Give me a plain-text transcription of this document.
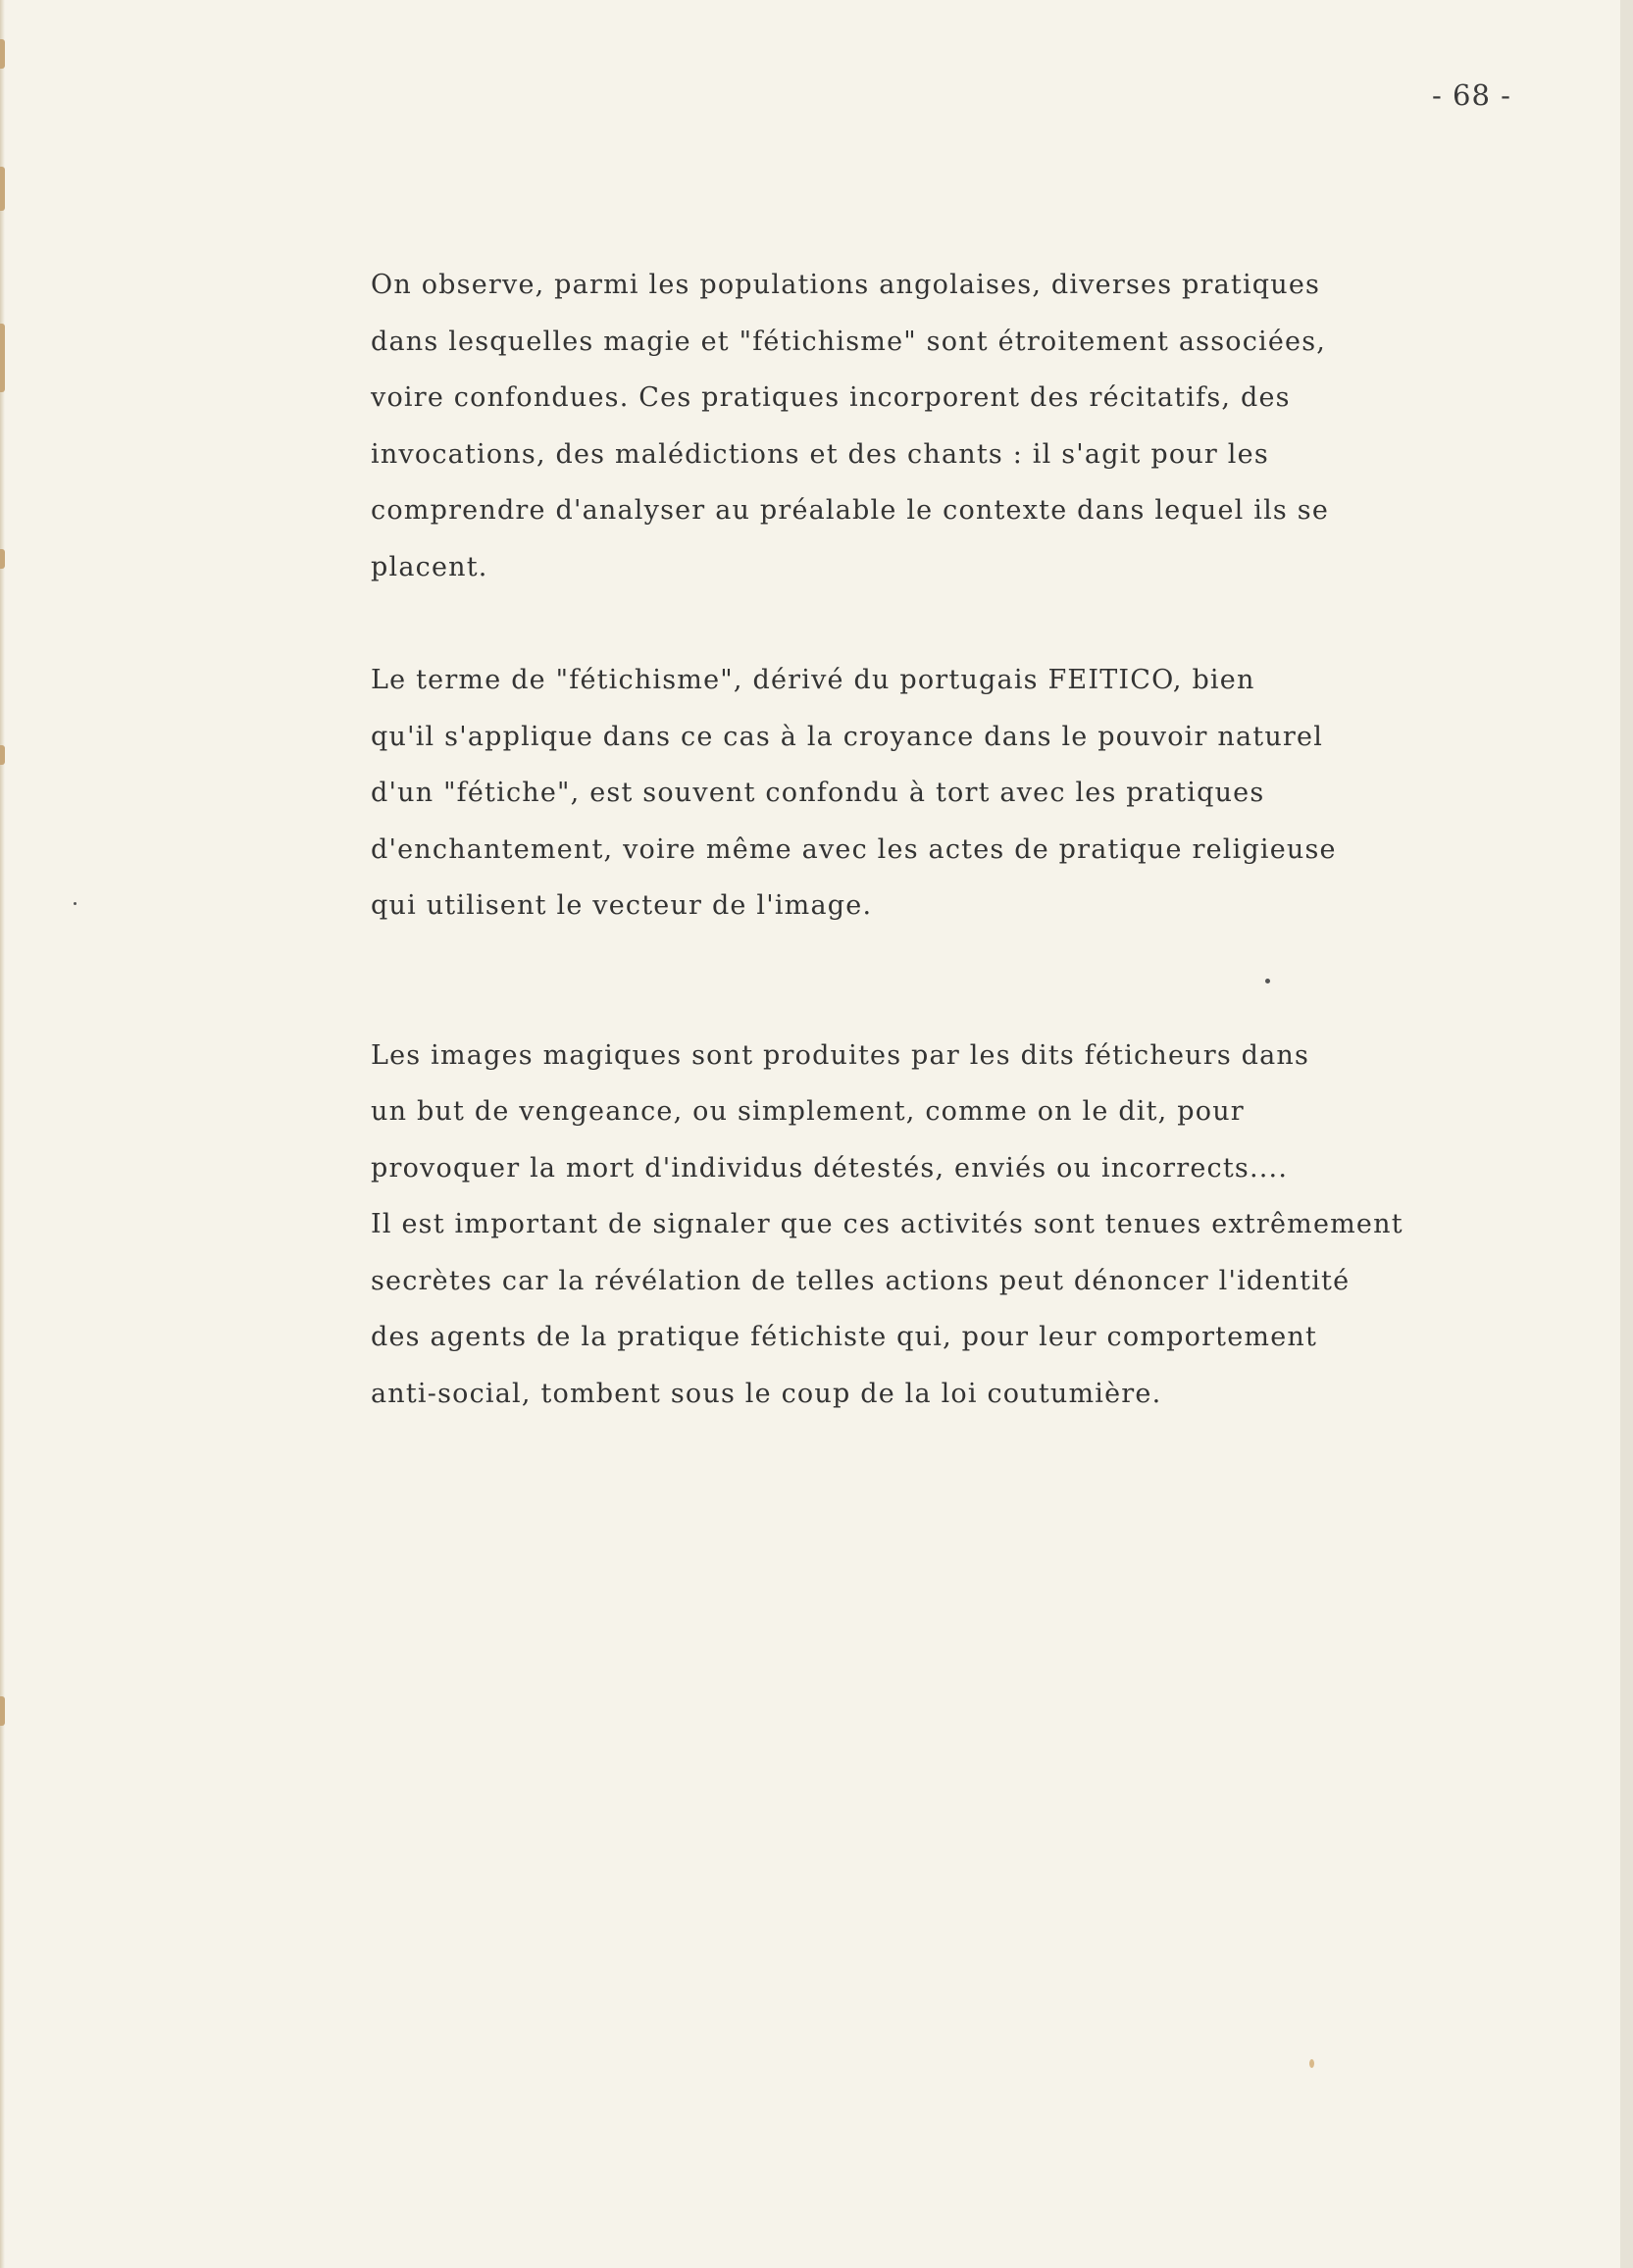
- 68 -
On observe, parmi les populations angolaises, diverses pratiques
dans lesquelles magie et "fétichisme" sont étroitement associées,
voire confondues. Ces pratiques incorporent des récitatifs, des
invocations, des malédictions et des chants : il s'agit pour les
comprendre d'analyser au préalable le contexte dans lequel ils se
placent.
Le terme de "fétichisme", dérivé du portugais FEITICO, bien
qu'il s'applique dans ce cas à la croyance dans le pouvoir naturel
d'un "fétiche", est souvent confondu à tort avec les pratiques
d'enchantement, voire même avec les actes de pratique religieuse
qui utilisent le vecteur de l'image.
Les images magiques sont produites par les dits féticheurs dans
un but de vengeance, ou simplement, comme on le dit, pour
provoquer la mort d'individus détestés, enviés ou incorrects....
Il est important de signaler que ces activités sont tenues extrêmement
secrètes car la révélation de telles actions peut dénoncer l'identité
des agents de la pratique fétichiste qui, pour leur comportement
anti-social, tombent sous le coup de la loi coutumière.
